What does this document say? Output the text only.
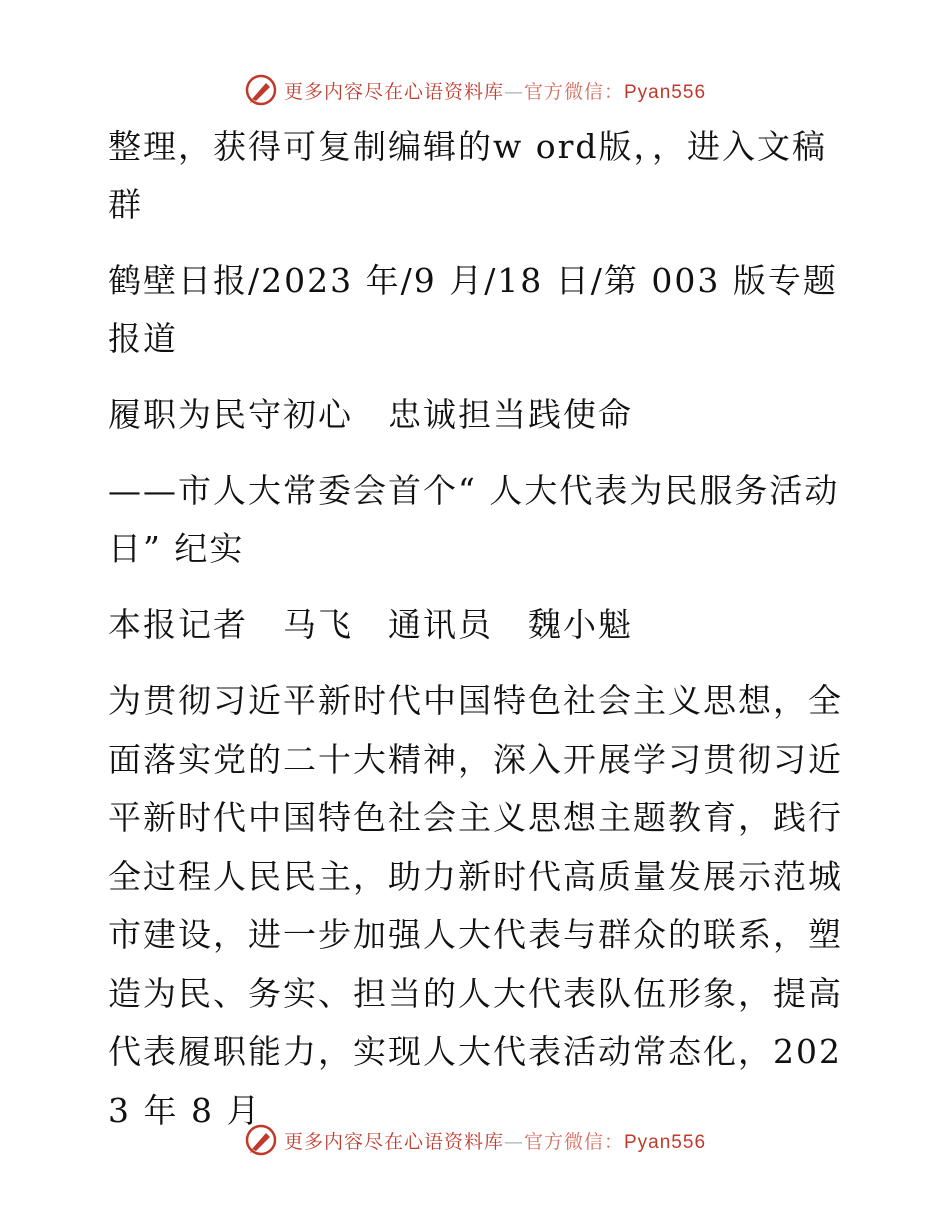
更多内容尽在心语资料库—官方微信：Pyan556

整理，获得可复制编辑的w ord版，，进入文稿群

鹤壁日报/2023 年/9 月/18 日/第 003 版专题报道

履职为民守初心　忠诚担当践使命

——市人大常委会首个“ 人大代表为民服务活动日” 纪实

本报记者　马飞　通讯员　魏小魁

为贯彻习近平新时代中国特色社会主义思想，全面落实党的二十大精神，深入开展学习贯彻习近平新时代中国特色社会主义思想主题教育，践行全过程人民民主，助力新时代高质量发展示范城市建设，进一步加强人大代表与群众的联系，塑造为民、务实、担当的人大代表队伍形象，提高代表履职能力，实现人大代表活动常态化，2023 年 8 月

更多内容尽在心语资料库—官方微信：Pyan556
